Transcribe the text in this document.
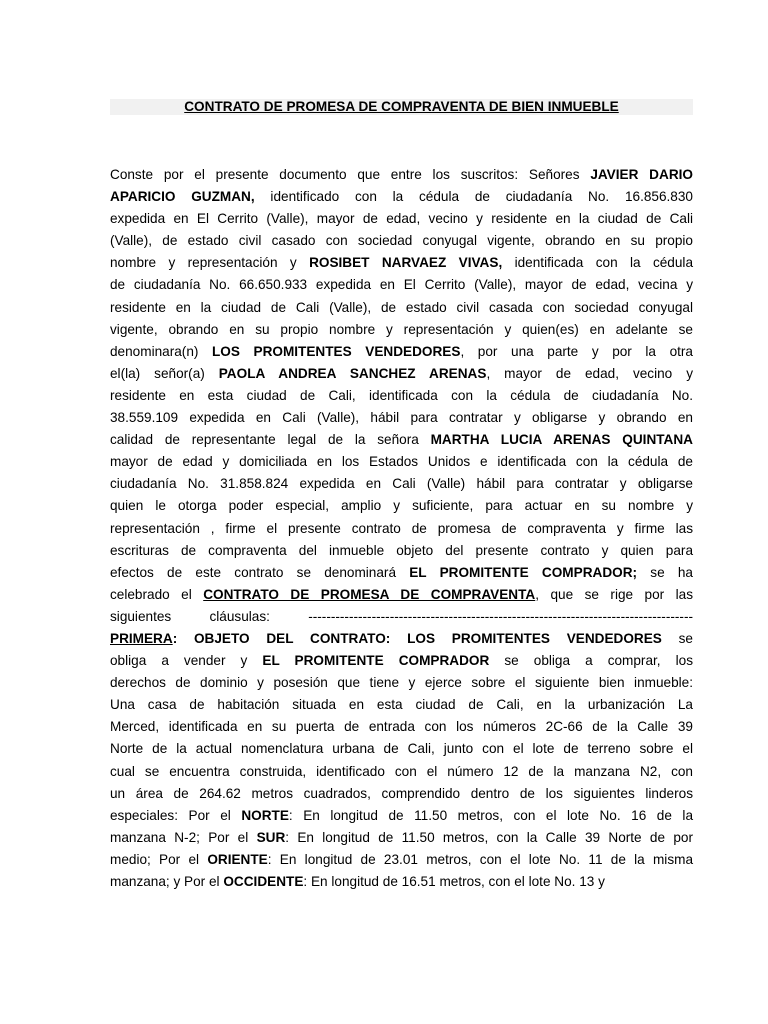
CONTRATO DE PROMESA DE COMPRAVENTA DE BIEN INMUEBLE
Conste por el presente documento que entre los suscritos: Señores JAVIER DARIO
APARICIO GUZMAN, identificado con la cédula de ciudadanía No. 16.856.830
expedida en El Cerrito (Valle), mayor de edad, vecino y residente en la ciudad de Cali
(Valle), de estado civil casado con sociedad conyugal vigente, obrando en su propio
nombre y representación y ROSIBET NARVAEZ VIVAS, identificada con la cédula
de ciudadanía No. 66.650.933 expedida en El Cerrito (Valle), mayor de edad, vecina y
residente en la ciudad de Cali (Valle), de estado civil casada con sociedad conyugal
vigente, obrando en su propio nombre y representación y quien(es) en adelante se
denominara(n) LOS PROMITENTES VENDEDORES, por una parte y por la otra
el(la) señor(a) PAOLA ANDREA SANCHEZ ARENAS, mayor de edad, vecino y
residente en esta ciudad de Cali, identificada con la cédula de ciudadanía No.
38.559.109 expedida en Cali (Valle), hábil para contratar y obligarse y obrando en
calidad de representante legal de la señora MARTHA LUCIA ARENAS QUINTANA
mayor de edad y domiciliada en los Estados Unidos e identificada con la cédula de
ciudadanía No. 31.858.824 expedida en Cali (Valle) hábil para contratar y obligarse
quien le otorga poder especial, amplio y suficiente, para actuar en su nombre y
representación , firme el presente contrato de promesa de compraventa y firme las
escrituras de compraventa del inmueble objeto del presente contrato y quien para
efectos de este contrato se denominará EL PROMITENTE COMPRADOR; se ha
celebrado el CONTRATO DE PROMESA DE COMPRAVENTA, que se rige por las
siguientes cláusulas: -------------------------------------------------------------------------------------
PRIMERA: OBJETO DEL CONTRATO: LOS PROMITENTES VENDEDORES se
obliga a vender y EL PROMITENTE COMPRADOR se obliga a comprar, los
derechos de dominio y posesión que tiene y ejerce sobre el siguiente bien inmueble:
Una casa de habitación situada en esta ciudad de Cali, en la urbanización La
Merced, identificada en su puerta de entrada con los números 2C-66 de la Calle 39
Norte de la actual nomenclatura urbana de Cali, junto con el lote de terreno sobre el
cual se encuentra construida, identificado con el número 12 de la manzana N2, con
un área de 264.62 metros cuadrados, comprendido dentro de los siguientes linderos
especiales: Por el NORTE: En longitud de 11.50 metros, con el lote No. 16 de la
manzana N-2; Por el SUR: En longitud de 11.50 metros, con la Calle 39 Norte de por
medio; Por el ORIENTE: En longitud de 23.01 metros, con el lote No. 11 de la misma
manzana; y Por el OCCIDENTE: En longitud de 16.51 metros, con el lote No. 13 y
